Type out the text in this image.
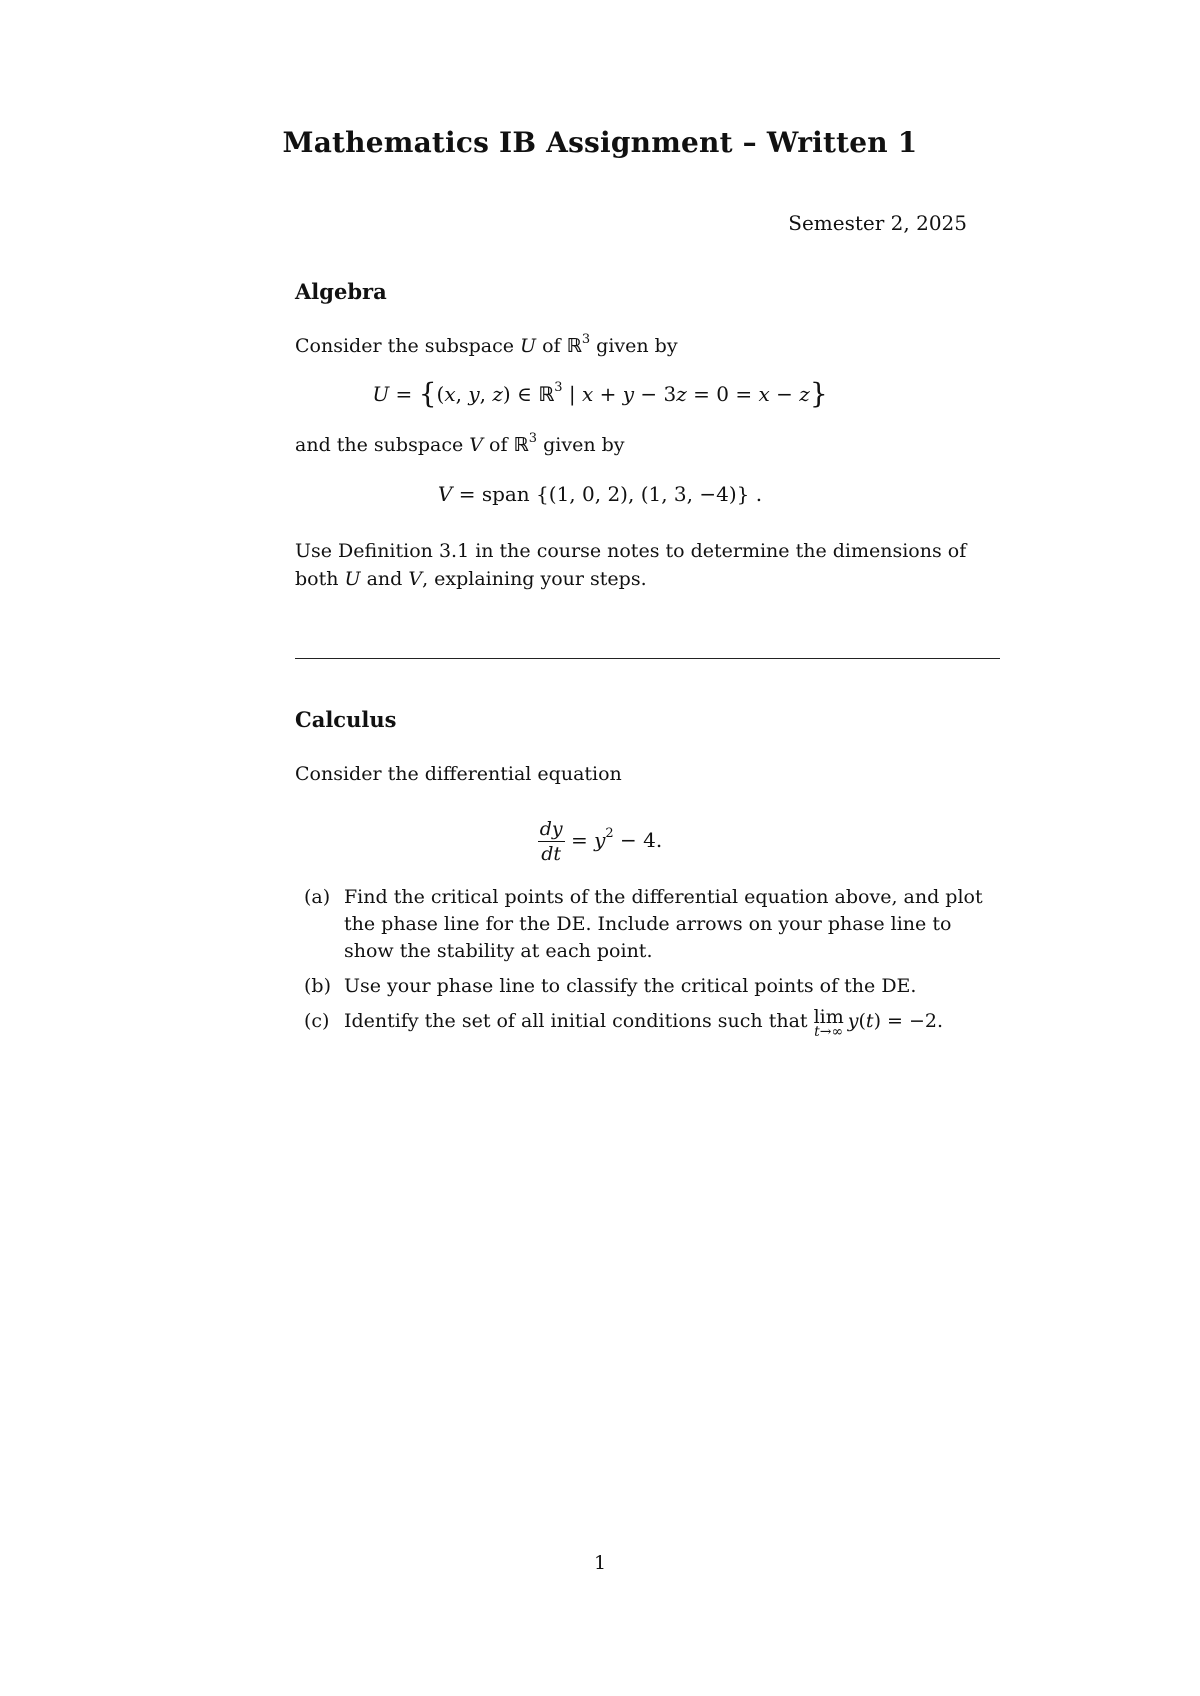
Mathematics IB Assignment – Written 1
Semester 2, 2025
Algebra
Consider the subspace U of ℝ$^3$ given by
U = {(x, y, z) ∈ ℝ$^3$ | x + y − 3z = 0 = x − z}
and the subspace V of ℝ$^3$ given by
V = span {(1, 0, 2), (1, 3, −4)} .
Use Definition 3.1 in the course notes to determine the dimensions of both U and V, explaining your steps.
Calculus
Consider the differential equation
$\frac{dy}{dt} = y^2 - 4$.
(a) Find the critical points of the differential equation above, and plot the phase line for the DE. Include arrows on your phase line to show the stability at each point.
(b) Use your phase line to classify the critical points of the DE.
(c) Identify the set of all initial conditions such that lim
t→∞ y(t) = −2.
1
